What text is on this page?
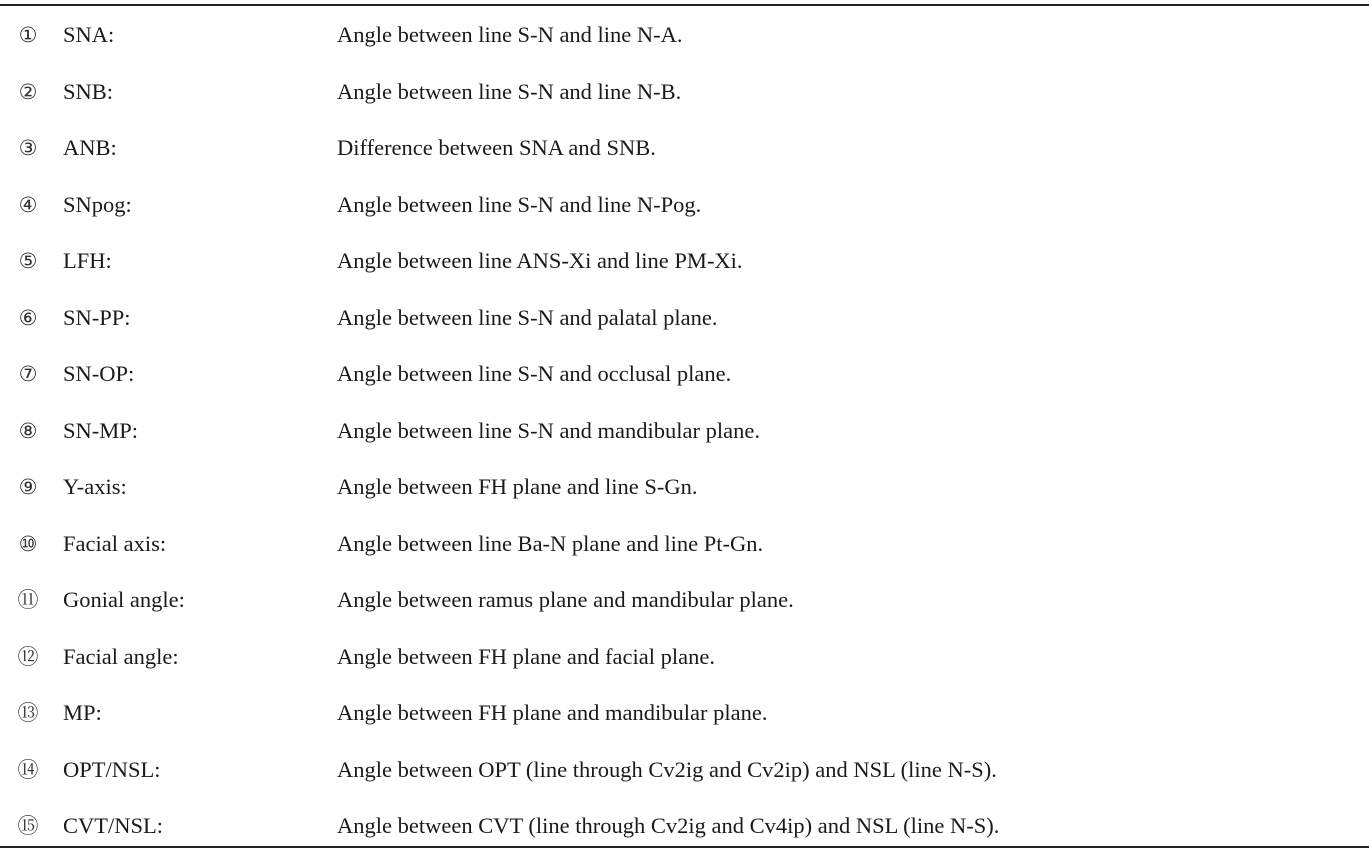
①	SNA:	Angle between line S-N and line N-A.
②	SNB:	Angle between line S-N and line N-B.
③	ANB:	Difference between SNA and SNB.
④	SNpog:	Angle between line S-N and line N-Pog.
⑤	LFH:	Angle between line ANS-Xi and line PM-Xi.
⑥	SN-PP:	Angle between line S-N and palatal plane.
⑦	SN-OP:	Angle between line S-N and occlusal plane.
⑧	SN-MP:	Angle between line S-N and mandibular plane.
⑨	Y-axis:	Angle between FH plane and line S-Gn.
⑩	Facial axis:	Angle between line Ba-N plane and line Pt-Gn.
⑪	Gonial angle:	Angle between ramus plane and mandibular plane.
⑫	Facial angle:	Angle between FH plane and facial plane.
⑬	MP:	Angle between FH plane and mandibular plane.
⑭	OPT/NSL:	Angle between OPT (line through Cv2ig and Cv2ip) and NSL (line N-S).
⑮	CVT/NSL:	Angle between CVT (line through Cv2ig and Cv4ip) and NSL (line N-S).
